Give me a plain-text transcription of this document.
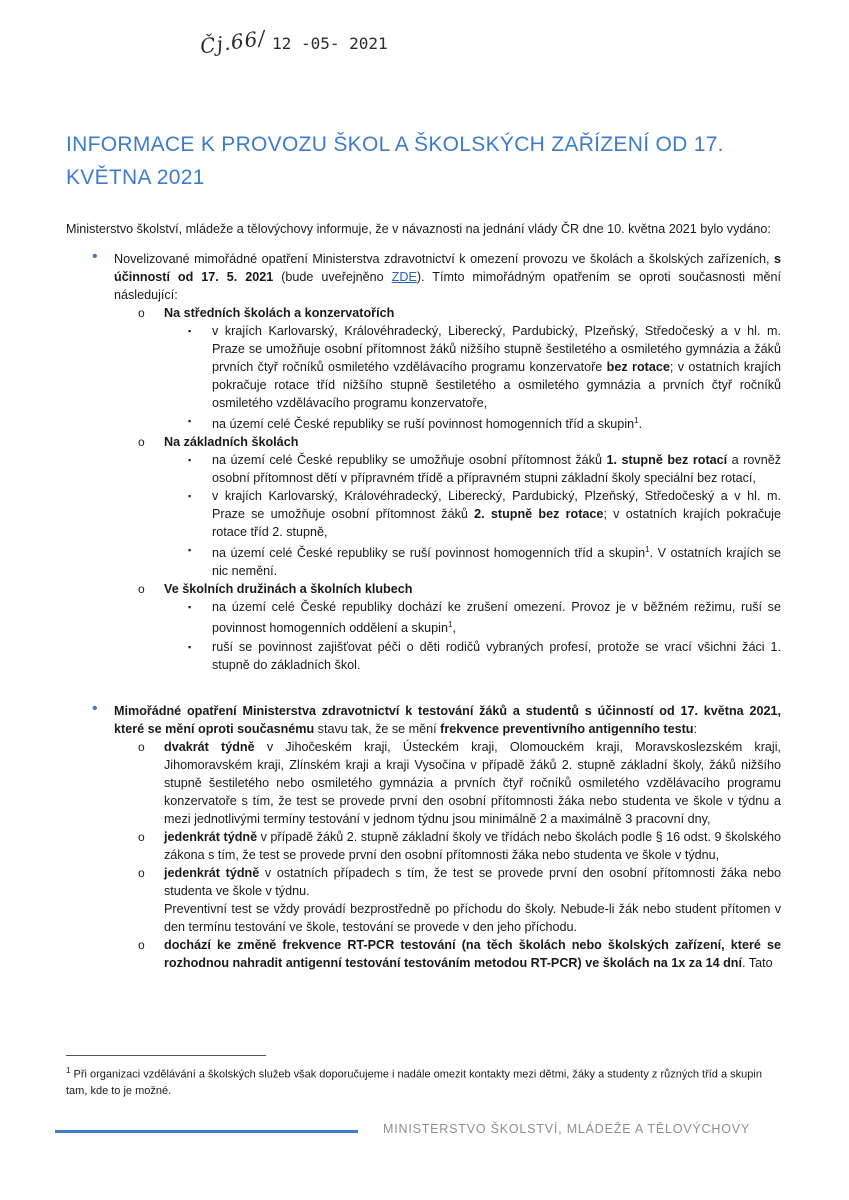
Čj.66/ 12 -05- 2021
INFORMACE K PROVOZU ŠKOL A ŠKOLSKÝCH ZAŘÍZENÍ OD 17. KVĚTNA 2021

Ministerstvo školství, mládeže a tělovýchovy informuje, že v návaznosti na jednání vlády ČR dne 10. května 2021 bylo vydáno:

• Novelizované mimořádné opatření Ministerstva zdravotnictví k omezení provozu ve školách a školských zařízeních, s účinností od 17. 5. 2021 (bude uveřejněno ZDE). Tímto mimořádným opatřením se oproti současnosti mění následující:
o Na středních školách a konzervatořích
▪ v krajích Karlovarský, Královéhradecký, Liberecký, Pardubický, Plzeňský, Středočeský a v hl. m. Praze se umožňuje osobní přítomnost žáků nižšího stupně šestiletého a osmiletého gymnázia a žáků prvních čtyř ročníků osmiletého vzdělávacího programu konzervatoře bez rotace; v ostatních krajích pokračuje rotace tříd nižšího stupně šestiletého a osmiletého gymnázia a prvních čtyř ročníků osmiletého vzdělávacího programu konzervatoře,
▪ na území celé České republiky se ruší povinnost homogenních tříd a skupin$^1$.
o Na základních školách
▪ na území celé České republiky se umožňuje osobní přítomnost žáků 1. stupně bez rotací a rovněž osobní přítomnost dětí v přípravném třídě a přípravném stupni základní školy speciální bez rotací,
▪ v krajích Karlovarský, Královéhradecký, Liberecký, Pardubický, Plzeňský, Středočeský a v hl. m. Praze se umožňuje osobní přítomnost žáků 2. stupně bez rotace; v ostatních krajích pokračuje rotace tříd 2. stupně,
▪ na území celé České republiky se ruší povinnost homogenních tříd a skupin$^1$. V ostatních krajích se nic nemění.
o Ve školních družinách a školních klubech
▪ na území celé České republiky dochází ke zrušení omezení. Provoz je v běžném režimu, ruší se povinnost homogenních oddělení a skupin$^1$,
▪ ruší se povinnost zajišťovat péči o děti rodičů vybraných profesí, protože se vrací všichni žáci 1. stupně do základních škol.
• Mimořádné opatření Ministerstva zdravotnictví k testování žáků a studentů s účinností od 17. května 2021, které se mění oproti současnému stavu tak, že se mění frekvence preventivního antigenního testu:
o dvakrát týdně v Jihočeském kraji, Ústeckém kraji, Olomouckém kraji, Moravskoslezském kraji, Jihomoravském kraji, Zlínském kraji a kraji Vysočina v případě žáků 2. stupně základní školy, žáků nižšího stupně šestiletého nebo osmiletého gymnázia a prvních čtyř ročníků osmiletého vzdělávacího programu konzervatoře s tím, že test se provede první den osobní přítomnosti žáka nebo studenta ve škole v týdnu a mezi jednotlivými termíny testování v jednom týdnu jsou minimálně 2 a maximálně 3 pracovní dny,
o jedenkrát týdně v případě žáků 2. stupně základní školy ve třídách nebo školách podle § 16 odst. 9 školského zákona s tím, že test se provede první den osobní přítomnosti žáka nebo studenta ve škole v týdnu,
o jedenkrát týdně v ostatních případech s tím, že test se provede první den osobní přítomnosti žáka nebo studenta ve škole v týdnu.
Preventivní test se vždy provádí bezprostředně po příchodu do školy. Nebude-li žák nebo student přítomen v den termínu testování ve škole, testování se provede v den jeho příchodu.
o dochází ke změně frekvence RT-PCR testování (na těch školách nebo školských zařízení, které se rozhodnou nahradit antigenní testování testováním metodou RT-PCR) ve školách na 1x za 14 dní. Tato
$^1$ Při organizaci vzdělávání a školských služeb však doporučujeme i nadále omezit kontakty mezi dětmi, žáky a studenty z různých tříd a skupin tam, kde to je možné.
MINISTERSTVO ŠKOLSTVÍ, MLÁDEŽE A TĚLOVÝCHOVY
